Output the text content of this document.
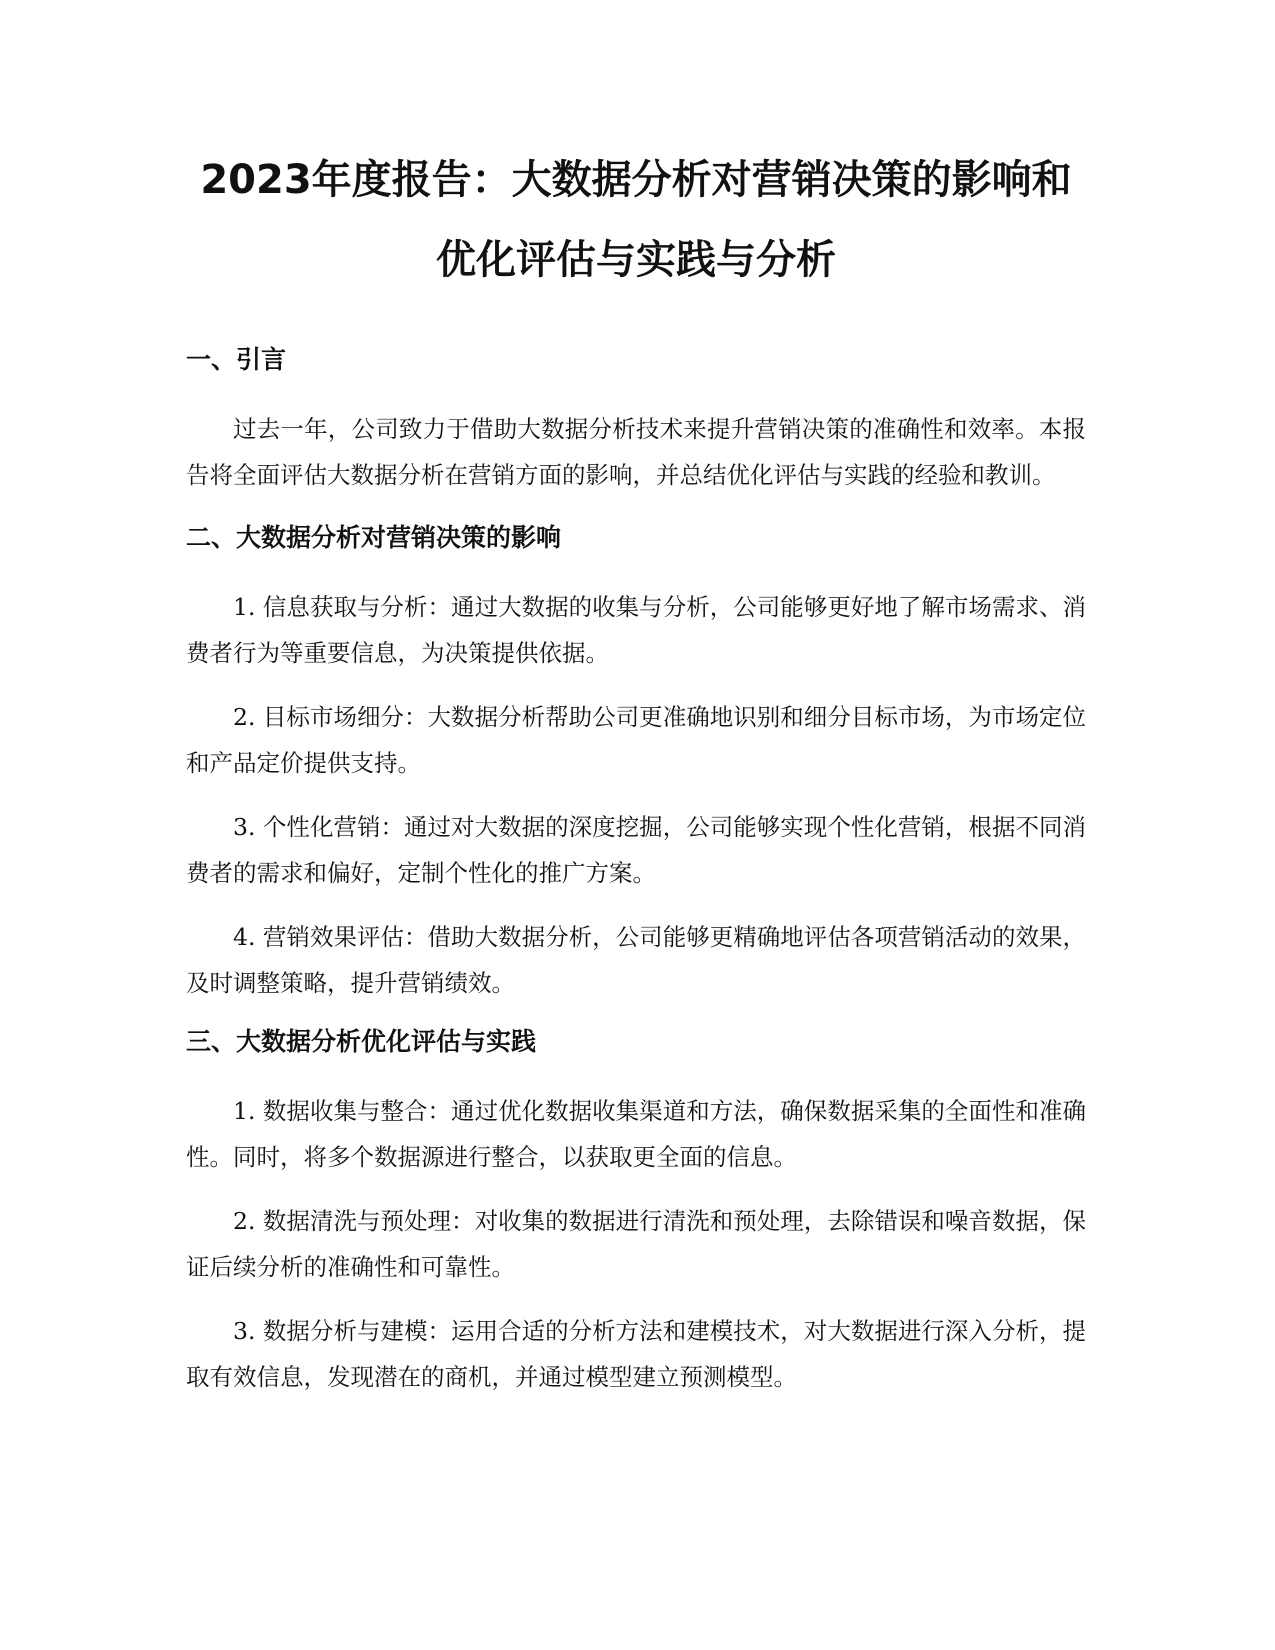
2023年度报告：大数据分析对营销决策的影响和优化评估与实践与分析
一、引言

过去一年，公司致力于借助大数据分析技术来提升营销决策的准确性和效率。本报告将全面评估大数据分析在营销方面的影响，并总结优化评估与实践的经验和教训。

二、大数据分析对营销决策的影响

1. 信息获取与分析：通过大数据的收集与分析，公司能够更好地了解市场需求、消费者行为等重要信息，为决策提供依据。

2. 目标市场细分：大数据分析帮助公司更准确地识别和细分目标市场，为市场定位和产品定价提供支持。

3. 个性化营销：通过对大数据的深度挖掘，公司能够实现个性化营销，根据不同消费者的需求和偏好，定制个性化的推广方案。

4. 营销效果评估：借助大数据分析，公司能够更精确地评估各项营销活动的效果，及时调整策略，提升营销绩效。

三、大数据分析优化评估与实践

1. 数据收集与整合：通过优化数据收集渠道和方法，确保数据采集的全面性和准确性。同时，将多个数据源进行整合，以获取更全面的信息。

2. 数据清洗与预处理：对收集的数据进行清洗和预处理，去除错误和噪音数据，保证后续分析的准确性和可靠性。

3. 数据分析与建模：运用合适的分析方法和建模技术，对大数据进行深入分析，提取有效信息，发现潜在的商机，并通过模型建立预测模型。
